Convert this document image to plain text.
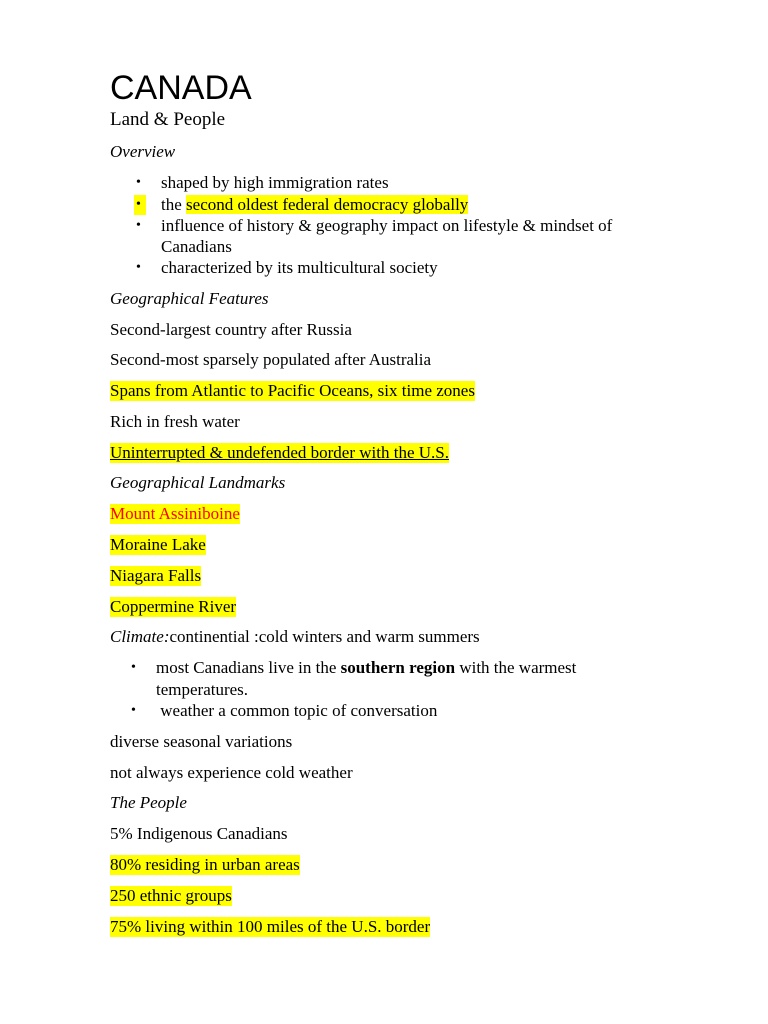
CANADA
Land & People
Overview
• shaped by high immigration rates
• the second oldest federal democracy globally
• influence of history & geography impact on lifestyle & mindset of
Canadians
• characterized by its multicultural society
Geographical Features
Second-largest country after Russia
Second-most sparsely populated after Australia
Spans from Atlantic to Pacific Oceans, six time zones
Rich in fresh water
Uninterrupted & undefended border with the U.S.
Geographical Landmarks
Mount Assiniboine
Moraine Lake
Niagara Falls
Coppermine River
Climate:continential :cold winters and warm summers
• most Canadians live in the southern region with the warmest
temperatures.
• weather a common topic of conversation
diverse seasonal variations
not always experience cold weather
The People
5% Indigenous Canadians
80% residing in urban areas
250 ethnic groups
75% living within 100 miles of the U.S. border
